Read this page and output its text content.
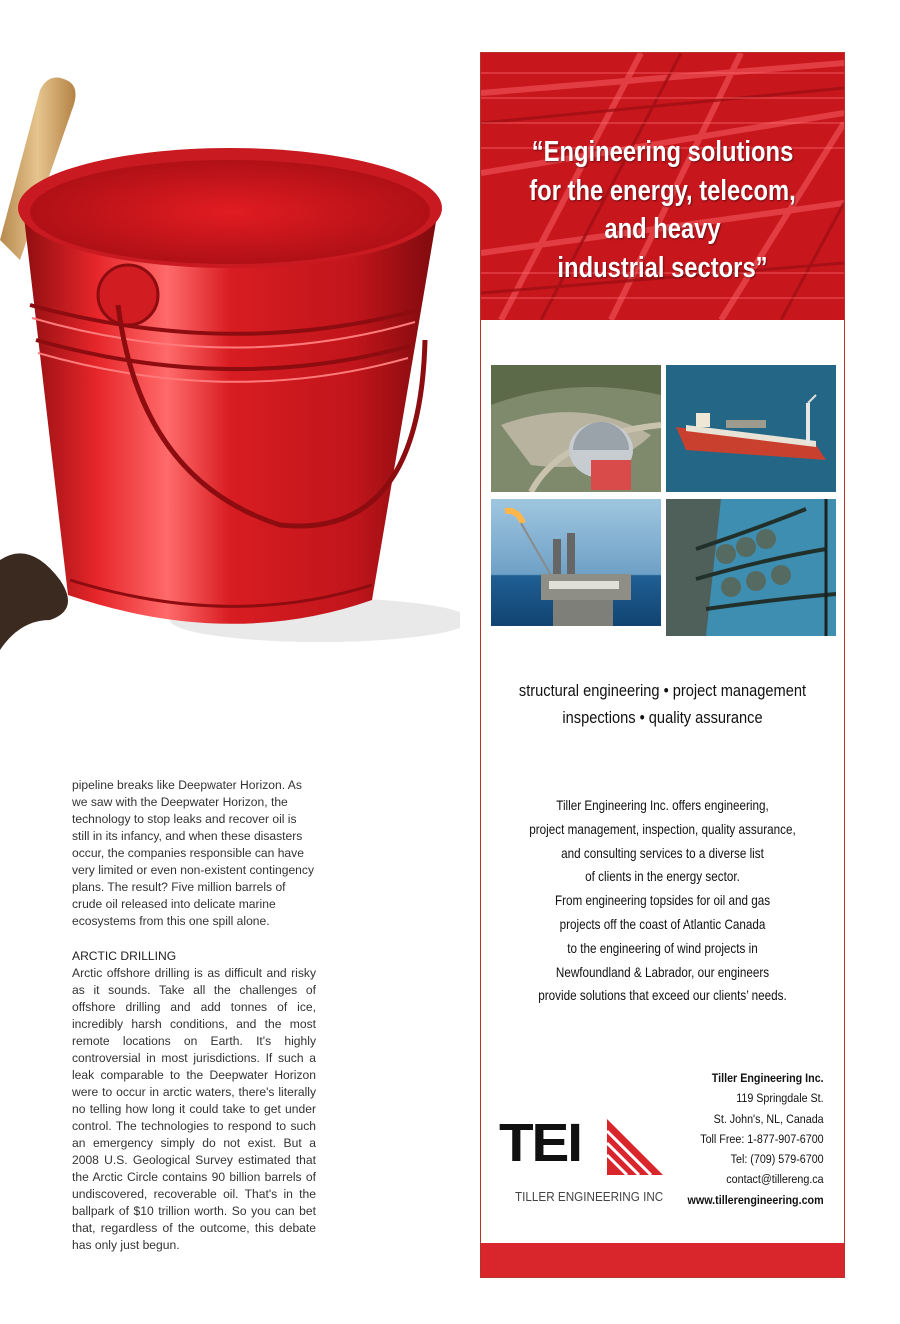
pipeline breaks like Deepwater Horizon. As we saw with the Deepwater Horizon, the technology to stop leaks and recover oil is still in its infancy, and when these disasters occur, the companies responsible can have very limited or even non-existent contingency plans. The result? Five million barrels of crude oil released into delicate marine ecosystems from this one spill alone.

ARCTIC DRILLING

Arctic offshore drilling is as difficult and risky as it sounds. Take all the challenges of offshore drilling and add tonnes of ice, incredibly harsh conditions, and the most remote locations on Earth. It's highly controversial in most jurisdictions. If such a leak comparable to the Deepwater Horizon were to occur in arctic waters, there's literally no telling how long it could take to get under control. The technologies to respond to such an emergency simply do not exist. But a 2008 U.S. Geological Survey estimated that the Arctic Circle contains 90 billion barrels of undiscovered, recoverable oil. That's in the ballpark of $10 trillion worth. So you can bet that, regardless of the outcome, this debate has only just begun.

“Engineering solutions
for the energy, telecom,
and heavy
industrial sectors”
structural engineering • project management
inspections • quality assurance
Tiller Engineering Inc. offers engineering,
project management, inspection, quality assurance,
and consulting services to a diverse list
of clients in the energy sector.
From engineering topsides for oil and gas
projects off the coast of Atlantic Canada
to the engineering of wind projects in
Newfoundland & Labrador, our engineers
provide solutions that exceed our clients’ needs.
TEI
TILLER ENGINEERING INC
Tiller Engineering Inc.
119 Springdale St.
St. John's, NL, Canada
Toll Free: 1-877-907-6700
Tel: (709) 579-6700
contact@tillereng.ca
www.tillerengineering.com
